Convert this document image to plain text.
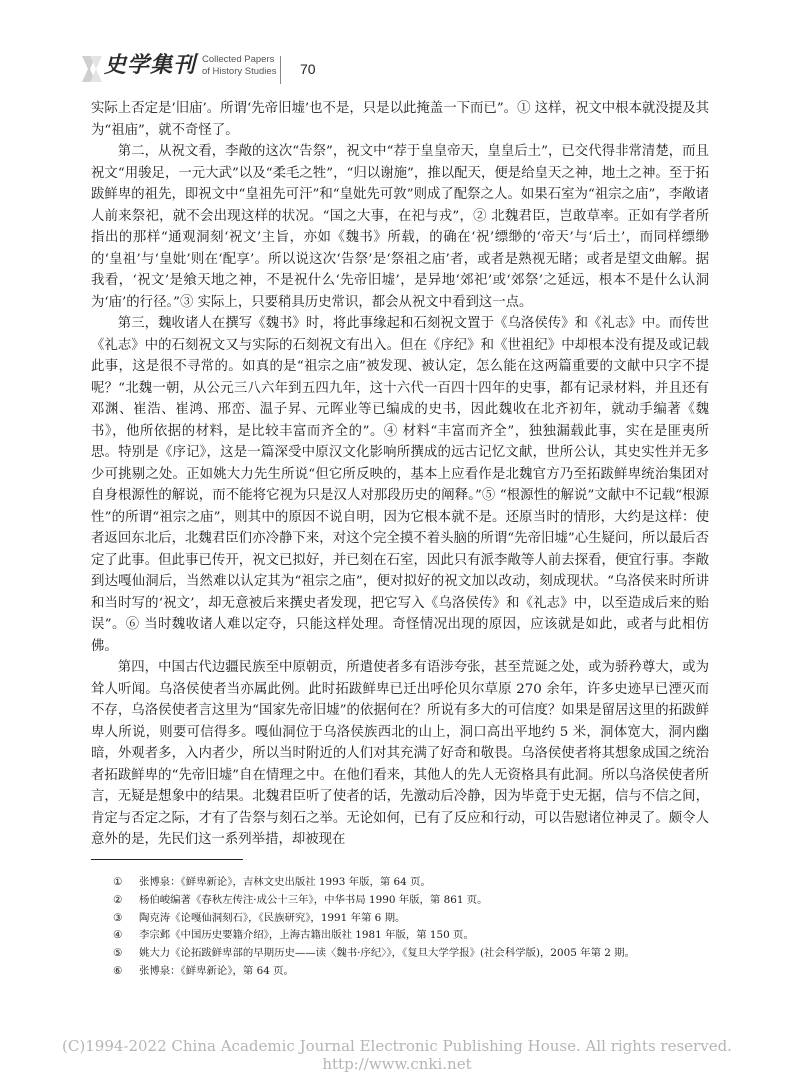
史学集刊 Collected Papers
of History Studies 70

实际上否定是‘旧庙’。所谓‘先帝旧墟’也不是，只是以此掩盖一下而已”。① 这样，祝文中根本就没提及其为“祖庙”，就不奇怪了。

第二，从祝文看，李敞的这次“告祭”，祝文中“荐于皇皇帝天，皇皇后土”，已交代得非常清楚，而且祝文“用骏足，一元大武”以及“柔毛之牲”，“归以谢施”，推以配天，便是给皇天之神，地土之神。至于拓跋鲜卑的祖先，即祝文中“皇祖先可汗”和“皇妣先可敦”则成了配祭之人。如果石室为“祖宗之庙”，李敞诸人前来祭祀，就不会出现这样的状况。“国之大事，在祀与戎”，② 北魏君臣，岂敢草率。正如有学者所指出的那样“通观洞刻‘祝文’主旨，亦如《魏书》所载，的确在‘祝’缥缈的‘帝天’与‘后土’，而同样缥缈的‘皇祖’与‘皇妣’则在‘配享’。所以说这次‘告祭’是‘祭祖之庙’者，或者是熟视无睹；或者是望文曲解。据我看，‘祝文’是飨天地之神，不是祝什么‘先帝旧墟’，是异地‘郊祀’或‘郊祭’之延远，根本不是什么认洞为‘庙’的行径。”③ 实际上，只要稍具历史常识，都会从祝文中看到这一点。

第三，魏收诸人在撰写《魏书》时，将此事缘起和石刻祝文置于《乌洛侯传》和《礼志》中。而传世《礼志》中的石刻祝文又与实际的石刻祝文有出入。但在《序纪》和《世祖纪》中却根本没有提及或记载此事，这是很不寻常的。如真的是“祖宗之庙”被发现、被认定，怎么能在这两篇重要的文献中只字不提呢？“北魏一朝，从公元三八六年到五四九年，这十六代一百四十四年的史事，都有记录材料，并且还有邓渊、崔浩、崔鸿、邢峦、温子昇、元晖业等已编成的史书，因此魏收在北齐初年，就动手编著《魏书》，他所依据的材料，是比较丰富而齐全的”。④ 材料“丰富而齐全”，独独漏载此事，实在是匪夷所思。特别是《序记》，这是一篇深受中原汉文化影响所撰成的远古记忆文献，世所公认，其史实性并无多少可挑剔之处。正如姚大力先生所说“但它所反映的，基本上应看作是北魏官方乃至拓跋鲜卑统治集团对自身根源性的解说，而不能将它视为只是汉人对那段历史的阐释。”⑤ “根源性的解说”文献中不记载“根源性”的所谓“祖宗之庙”，则其中的原因不说自明，因为它根本就不是。还原当时的情形，大约是这样：使者返回东北后，北魏君臣们亦冷静下来，对这个完全摸不着头脑的所谓“先帝旧墟”心生疑问，所以最后否定了此事。但此事已传开，祝文已拟好，并已刻在石室，因此只有派李敞等人前去探看，便宜行事。李敞到达嘎仙洞后，当然难以认定其为“祖宗之庙”，便对拟好的祝文加以改动，刻成现状。“乌洛侯来时所讲和当时写的‘祝文’，却无意被后来撰史者发现，把它写入《乌洛侯传》和《礼志》中，以至造成后来的贻误”。⑥ 当时魏收诸人难以定夺，只能这样处理。奇怪情况出现的原因，应该就是如此，或者与此相仿佛。

第四，中国古代边疆民族至中原朝贡，所遣使者多有语涉夸张，甚至荒诞之处，或为骄矜尊大，或为耸人听闻。乌洛侯使者当亦属此例。此时拓跋鲜卑已迁出呼伦贝尔草原 270 余年，许多史迹早已湮灭而不存，乌洛侯使者言这里为“国家先帝旧墟”的依据何在？所说有多大的可信度？如果是留居这里的拓跋鲜卑人所说，则要可信得多。嘎仙洞位于乌洛侯族西北的山上，洞口高出平地约 5 米，洞体宽大，洞内幽暗，外观者多，入内者少，所以当时附近的人们对其充满了好奇和敬畏。乌洛侯使者将其想象成国之统治者拓跋鲜卑的“先帝旧墟”自在情理之中。在他们看来，其他人的先人无资格具有此洞。所以乌洛侯使者所言，无疑是想象中的结果。北魏君臣听了使者的话，先激动后冷静，因为毕竟于史无据，信与不信之间，肯定与否定之际，才有了告祭与刻石之举。无论如何，已有了反应和行动，可以告慰诸位神灵了。颇令人意外的是，先民们这一系列举措，却被现在

①	张博泉：《鲜卑新论》，吉林文史出版社 1993 年版，第 64 页。
②	杨伯峻编著《春秋左传注·成公十三年》，中华书局 1990 年版，第 861 页。
③	陶克涛《论嘎仙洞刻石》，《民族研究》，1991 年第 6 期。
④	李宗邺《中国历史要籍介绍》，上海古籍出版社 1981 年版，第 150 页。
⑤	姚大力《论拓跋鲜卑部的早期历史——读〈魏书·序纪〉》，《复旦大学学报》(社会科学版)，2005 年第 2 期。
⑥	张博泉：《鲜卑新论》，第 64 页。
(C)1994-2022 China Academic Journal Electronic Publishing House. All rights reserved. http://www.cnki.net
